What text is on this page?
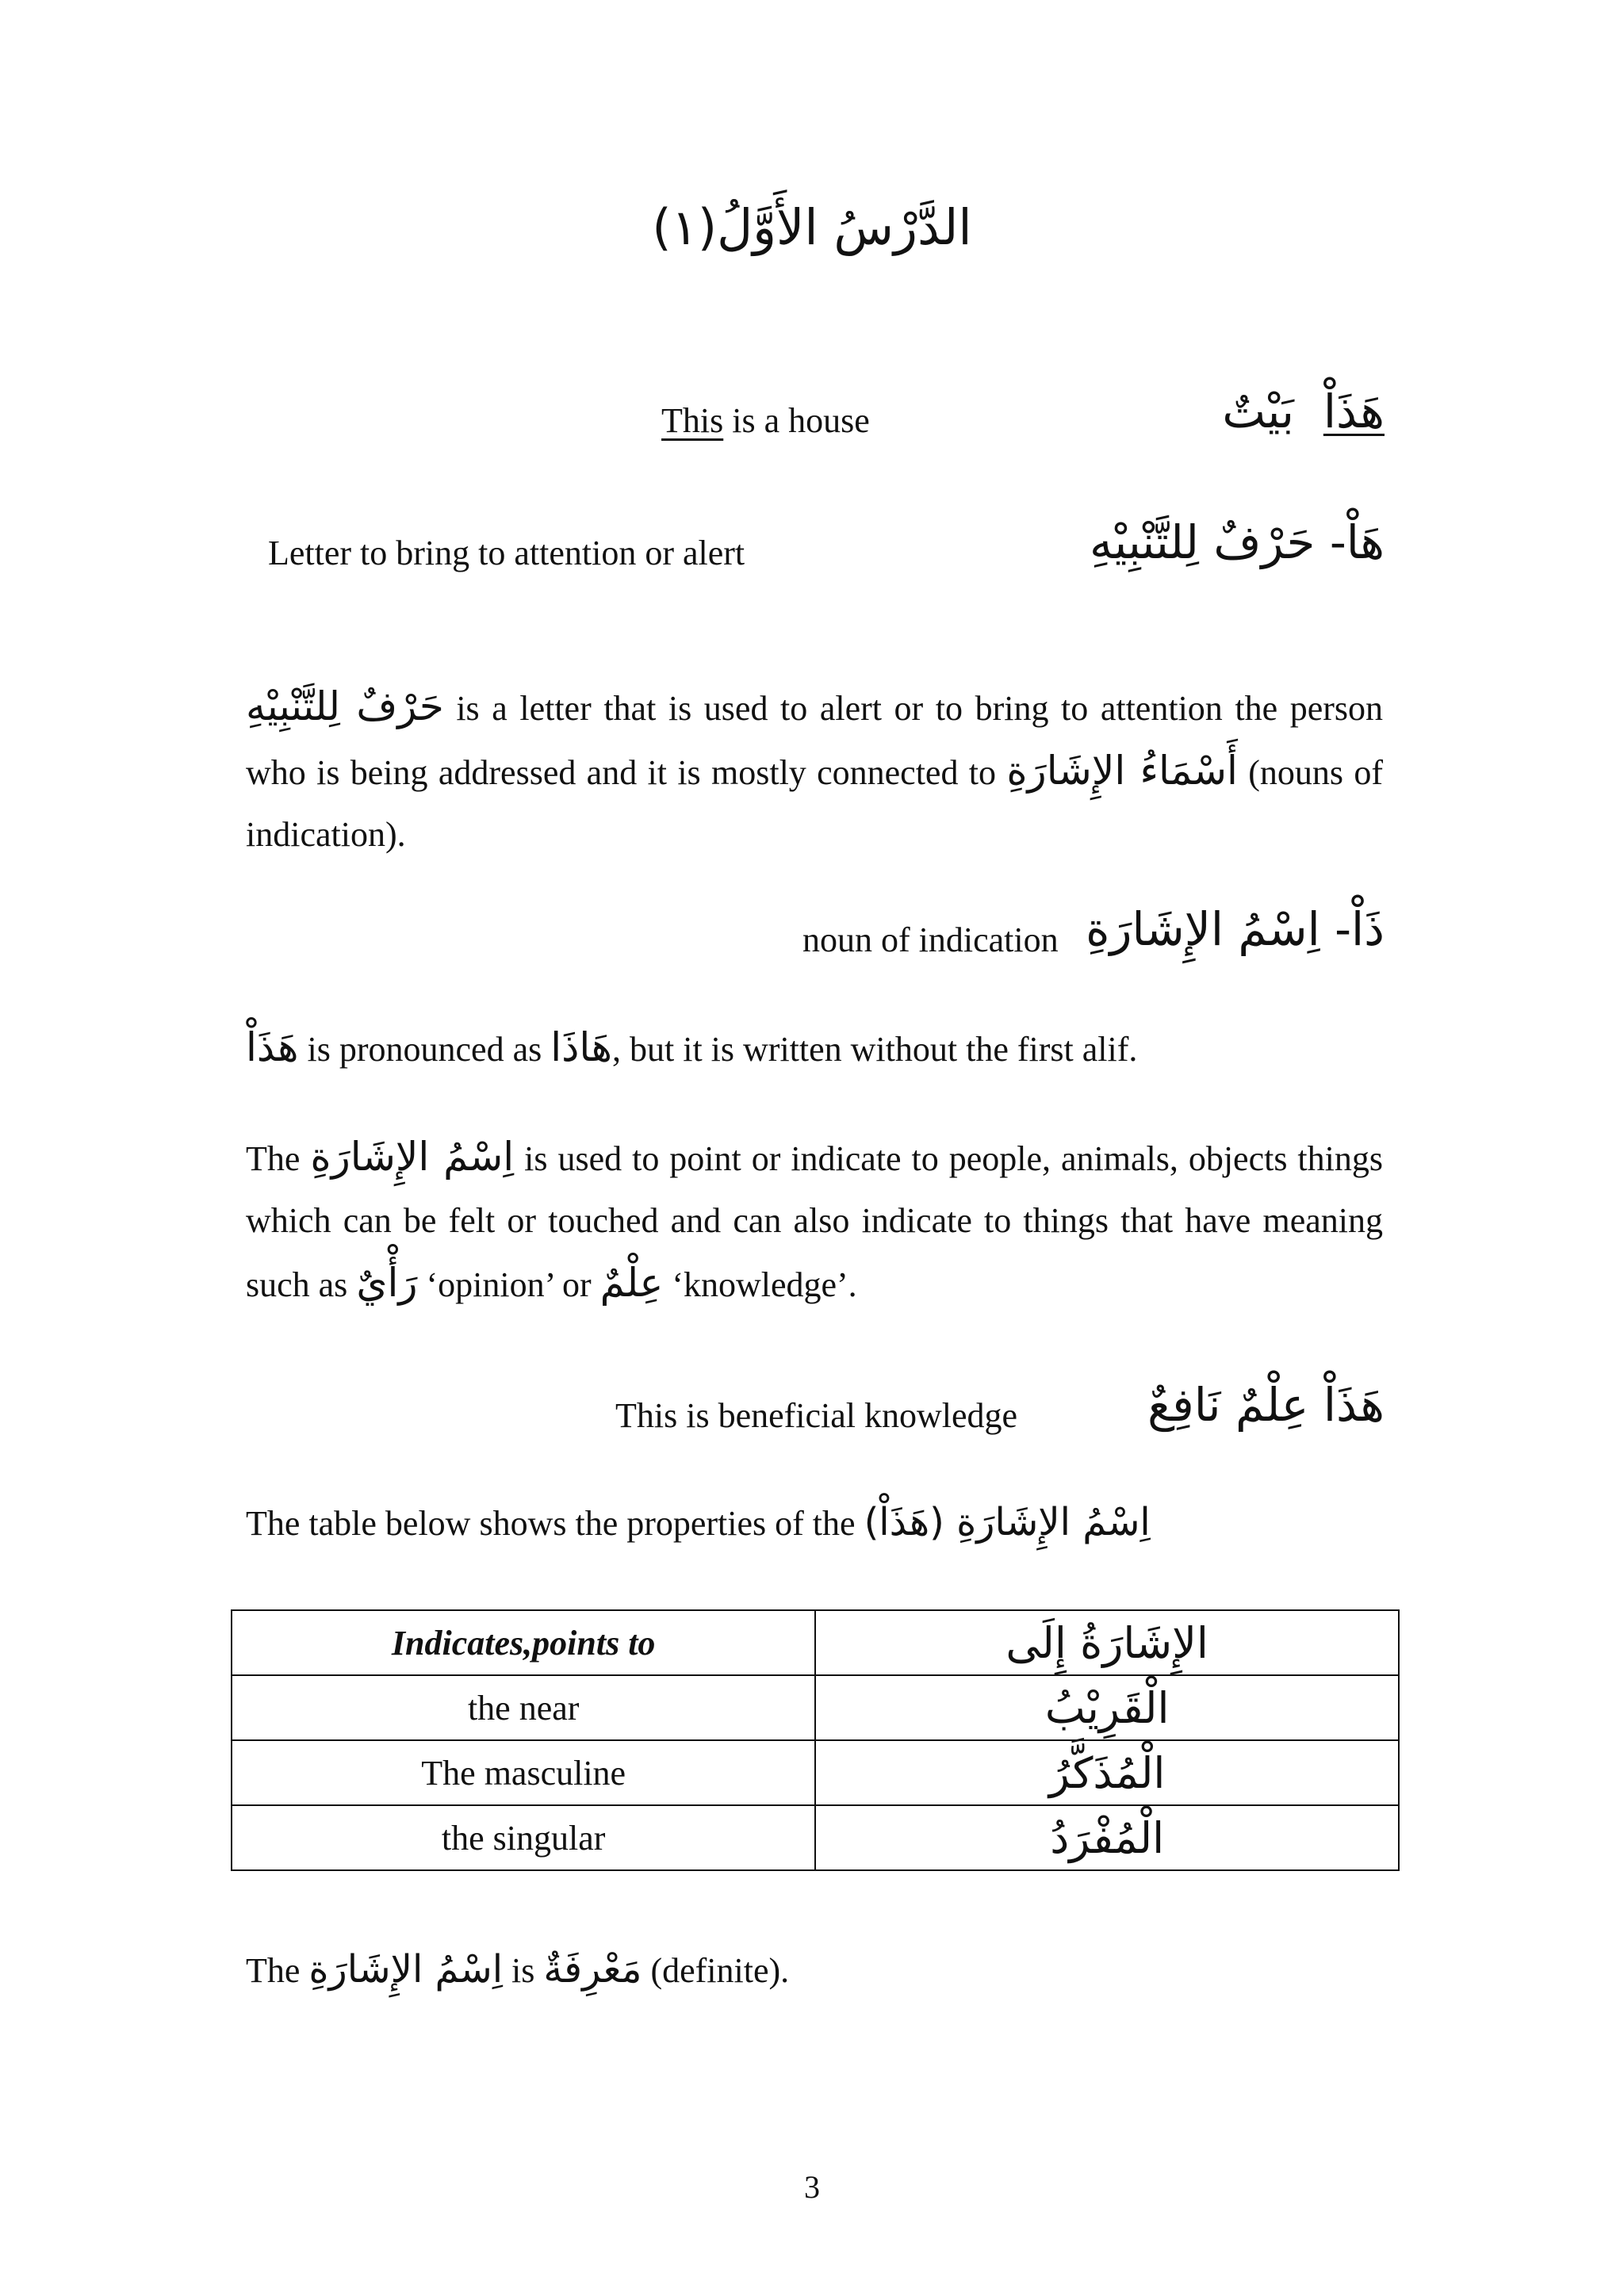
الدَّرْسُ الأَوَّلُ(١)
This is a house	هَذَاْ  بَيْتٌ
Letter to bring to attention or alert	هَاْ- حَرْفٌ لِلتَّنْبِيْهِ
حَرْفٌ لِلتَّنْبِيْهِ is a letter that is used to alert or to bring to attention the person who is being addressed and it is mostly connected to أَسْمَاءُ الإِشَارَةِ (nouns of indication).
noun of indication ذَاْ- اِسْمُ الإِشَارَةِ
هَذَاْ is pronounced as هَاذَا, but it is written without the first alif.
The اِسْمُ الإِشَارَةِ is used to point or indicate to people, animals, objects things which can be felt or touched and can also indicate to things that have meaning such as رَأْيٌ ‘opinion’ or عِلْمٌ ‘knowledge’.
This is beneficial knowledge	هَذَاْ عِلْمٌ نَافِعٌ
The table below shows the properties of the اِسْمُ الإِشَارَةِ (هَذَاْ)
Indicates,points to	الإِشَارَةُ إِلَى
the near	الْقَرِيْبُ
The masculine	الْمُذَكَّرُ
the singular	الْمُفْرَدُ
The اِسْمُ الإِشَارَةِ is مَعْرِفَةٌ (definite).
3
